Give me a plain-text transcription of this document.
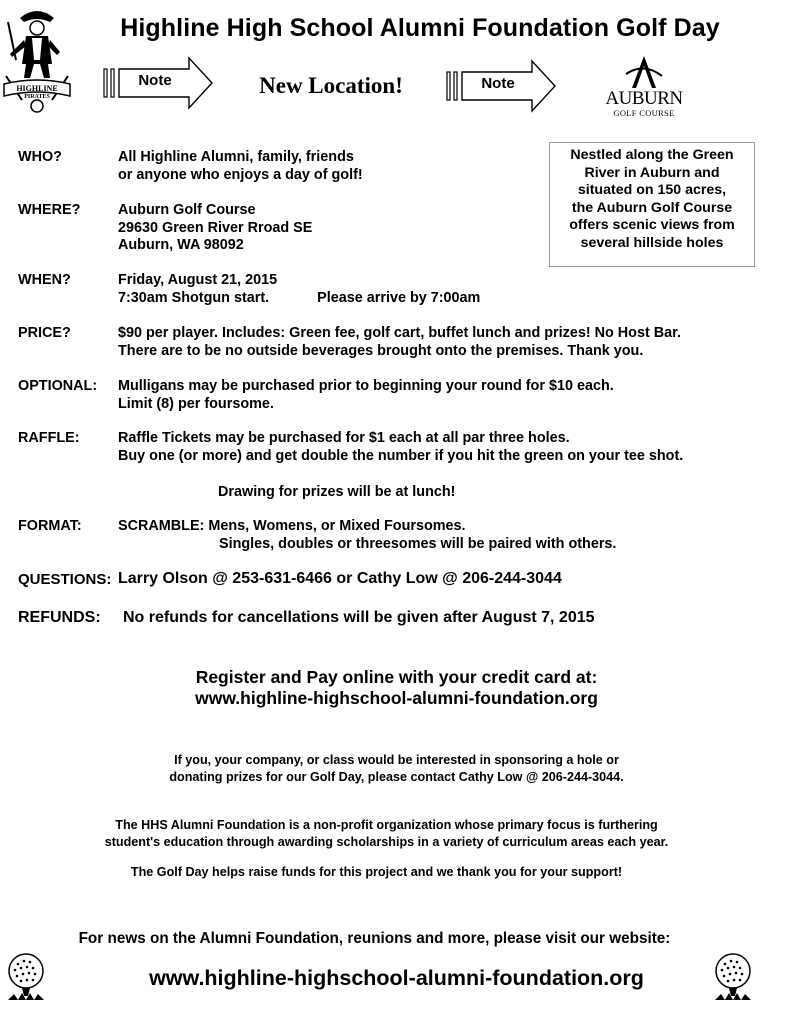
Highline High School Alumni Foundation Golf Day
HIGHLINE
PIRATES
Note	New Location!	Note
AUBURN
GOLF COURSE
Nestled along the Green
River in Auburn and
situated on 150 acres,
the Auburn Golf Course
offers scenic views from
several hillside holes
WHO?	All Highline Alumni, family, friends
or anyone who enjoys a day of golf!
WHERE?	Auburn Golf Course
29630 Green River Rroad SE
Auburn, WA 98092
WHEN?	Friday, August 21, 2015
7:30am Shotgun start.	Please arrive by 7:00am
PRICE?	$90 per player. Includes: Green fee, golf cart, buffet lunch and prizes! No Host Bar.
There are to be no outside beverages brought onto the premises. Thank you.
OPTIONAL: Mulligans may be purchased prior to beginning your round for $10 each.
Limit (8) per foursome.
RAFFLE:	Raffle Tickets may be purchased for $1 each at all par three holes.
Buy one (or more) and get double the number if you hit the green on your tee shot.
Drawing for prizes will be at lunch!
FORMAT:	SCRAMBLE: Mens, Womens, or Mixed Foursomes.
Singles, doubles or threesomes will be paired with others.
QUESTIONS: Larry Olson @ 253-631-6466 or Cathy Low @ 206-244-3044
REFUNDS: No refunds for cancellations will be given after August 7, 2015
Register and Pay online with your credit card at:
www.highline-highschool-alumni-foundation.org
If you, your company, or class would be interested in sponsoring a hole or
donating prizes for our Golf Day, please contact Cathy Low @ 206-244-3044.
The HHS Alumni Foundation is a non-profit organization whose primary focus is furthering
student's education through awarding scholarships in a variety of curriculum areas each year.
The Golf Day helps raise funds for this project and we thank you for your support!
For news on the Alumni Foundation, reunions and more, please visit our website:
www.highline-highschool-alumni-foundation.org
